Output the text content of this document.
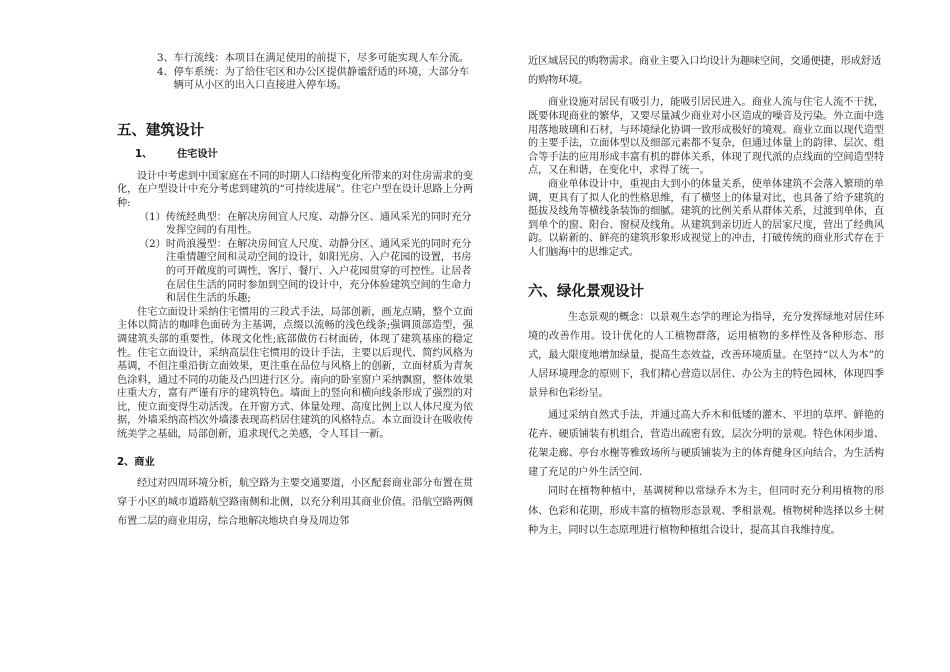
3、 车行流线：本项目在满足使用的前提下，尽多可能实现人车分流。
4、 停车系统：为了给住宅区和办公区提供静谧舒适的环境，大部分车辆可从小区的出入口直接进入停车场。
五、建筑设计
1、 住宅设计

设计中考虑到中国家庭在不同的时期人口结构变化所带来的对住房需求的变化，在户型设计中充分考虑到建筑的“可持续进展”。住宅户型在设计思路上分两种:

（1） 传统经典型：在解决房间宜人尺度、动静分区、通风采光的同时充分发挥空间的有用性。
（2） 时尚浪漫型：在解决房间宜人尺度、动静分区、通风采光的同时充分注重情趣空间和灵动空间的设计，如阳光房、入户花园的设置，书房的可开敞度的可调性，客厅、餐厅、入户花园贯穿的可控性。让居者在居住生活的同时参加到空间的设计中，充分体验建筑空间的生命力和居住生活的乐趣;

住宅立面设计采纳住宅惯用的三段式手法，局部创新，画龙点睛，整个立面主体以简洁的咖啡色面砖为主基调，点缀以流畅的浅色线条;强调顶部造型，强调建筑头部的重要性，体现文化性;底部做仿石材面砖，体现了建筑基座的稳定性。住宅立面设计，采纳高层住宅惯用的设计手法，主要以后现代、简约风格为基调，不但注重沿街立面效果，更注重在品位与风格上的创新，立面材质为青灰色涂料，通过不同的功能及凸凹进行区分。南向的卧室窗户采纳飘窗，整体效果庄重大方，富有严谨有序的建筑特色。墙面上的竖向和横向线条形成了强烈的对比，使立面变得生动活泼。在开窗方式、体量处理、高度比例上以人体尺度为依据，外墙采纳高档次外墙漆表现高档居住建筑的风格特点。本立面设计在吸收传统美学之基础，局部创新，追求现代之美感，令人耳目一新。

2、商业

经过对四周环境分析，航空路为主要交通要道，小区配套商业部分布置在贯穿于小区的城市道路航空路南侧和北侧，以充分利用其商业价值。沿航空路两侧布置二层的商业用房，综合地解决地块自身及周边邻

近区域居民的购物需求。商业主要入口均设计为趣味空间，交通便捷，形成舒适的购物环境。

商业设施对居民有吸引力，能吸引居民进入。商业人流与住宅人流不干扰，既要体现商业的繁华，又要尽量减少商业对小区造成的噪音及污染。外立面中选用落地玻璃和石材，与环境绿化协调一致形成极好的境观。商业立面以现代造型的主要手法，立面体型以及细部元素都不复杂，但通过体量上的韵律、层次、组合等手法的应用形成丰富有机的群体关系，体现了现代派的点线面的空间造型特点，又在和谐，在变化中，求得了统一。

商业单体设计中，重视由大到小的体量关系，使单体建筑不会落入繁琐的单调，更具有了拟人化的性格思维，有了横竖上的体量对比，也具备了给予建筑的挺拔及线角等横线条装饰的细腻。建筑的比例关系从群体关系，过渡到单体，直到单个的窗、阳台、窗棂及线角。从建筑到亲切近人的居家尺度，营出了经典风韵。以崭新的、鲜亮的建筑形象形成视觉上的冲击，打破传统的商业形式存在于人们脑海中的思维定式。

六、绿化景观设计

生态景观的概念：以景观生态学的理论为指导，充分发挥绿地对居住环境的改善作用。设计优化的人工植物群落，运用植物的多样性及各种形态、形式，最大限度地增加绿量，提高生态效益，改善环境质量。在坚持“以人为本”的人居环境理念的原则下，我们精心营造以居住、办公为主的特色园林，体现四季景异和色彩纷呈。

通过采纳自然式手法，并通过高大乔木和低矮的灌木、平坦的草坪、鲜艳的花卉、硬质铺装有机组合，营造出疏密有致，层次分明的景观。特色休闲步道、花架走廊、亭台水榭等雅致场所与硬质铺装为主的体育健身区向结合，为生活构建了充足的户外生活空间.

同时在植物种植中，基调树种以常绿乔木为主，但同时充分利用植物的形体、色彩和花期，形成丰富的植物形态景观、季相景观。植物树种选择以乡土树种为主，同时以生态原理进行植物种植组合设计，提高其自我维持度。
